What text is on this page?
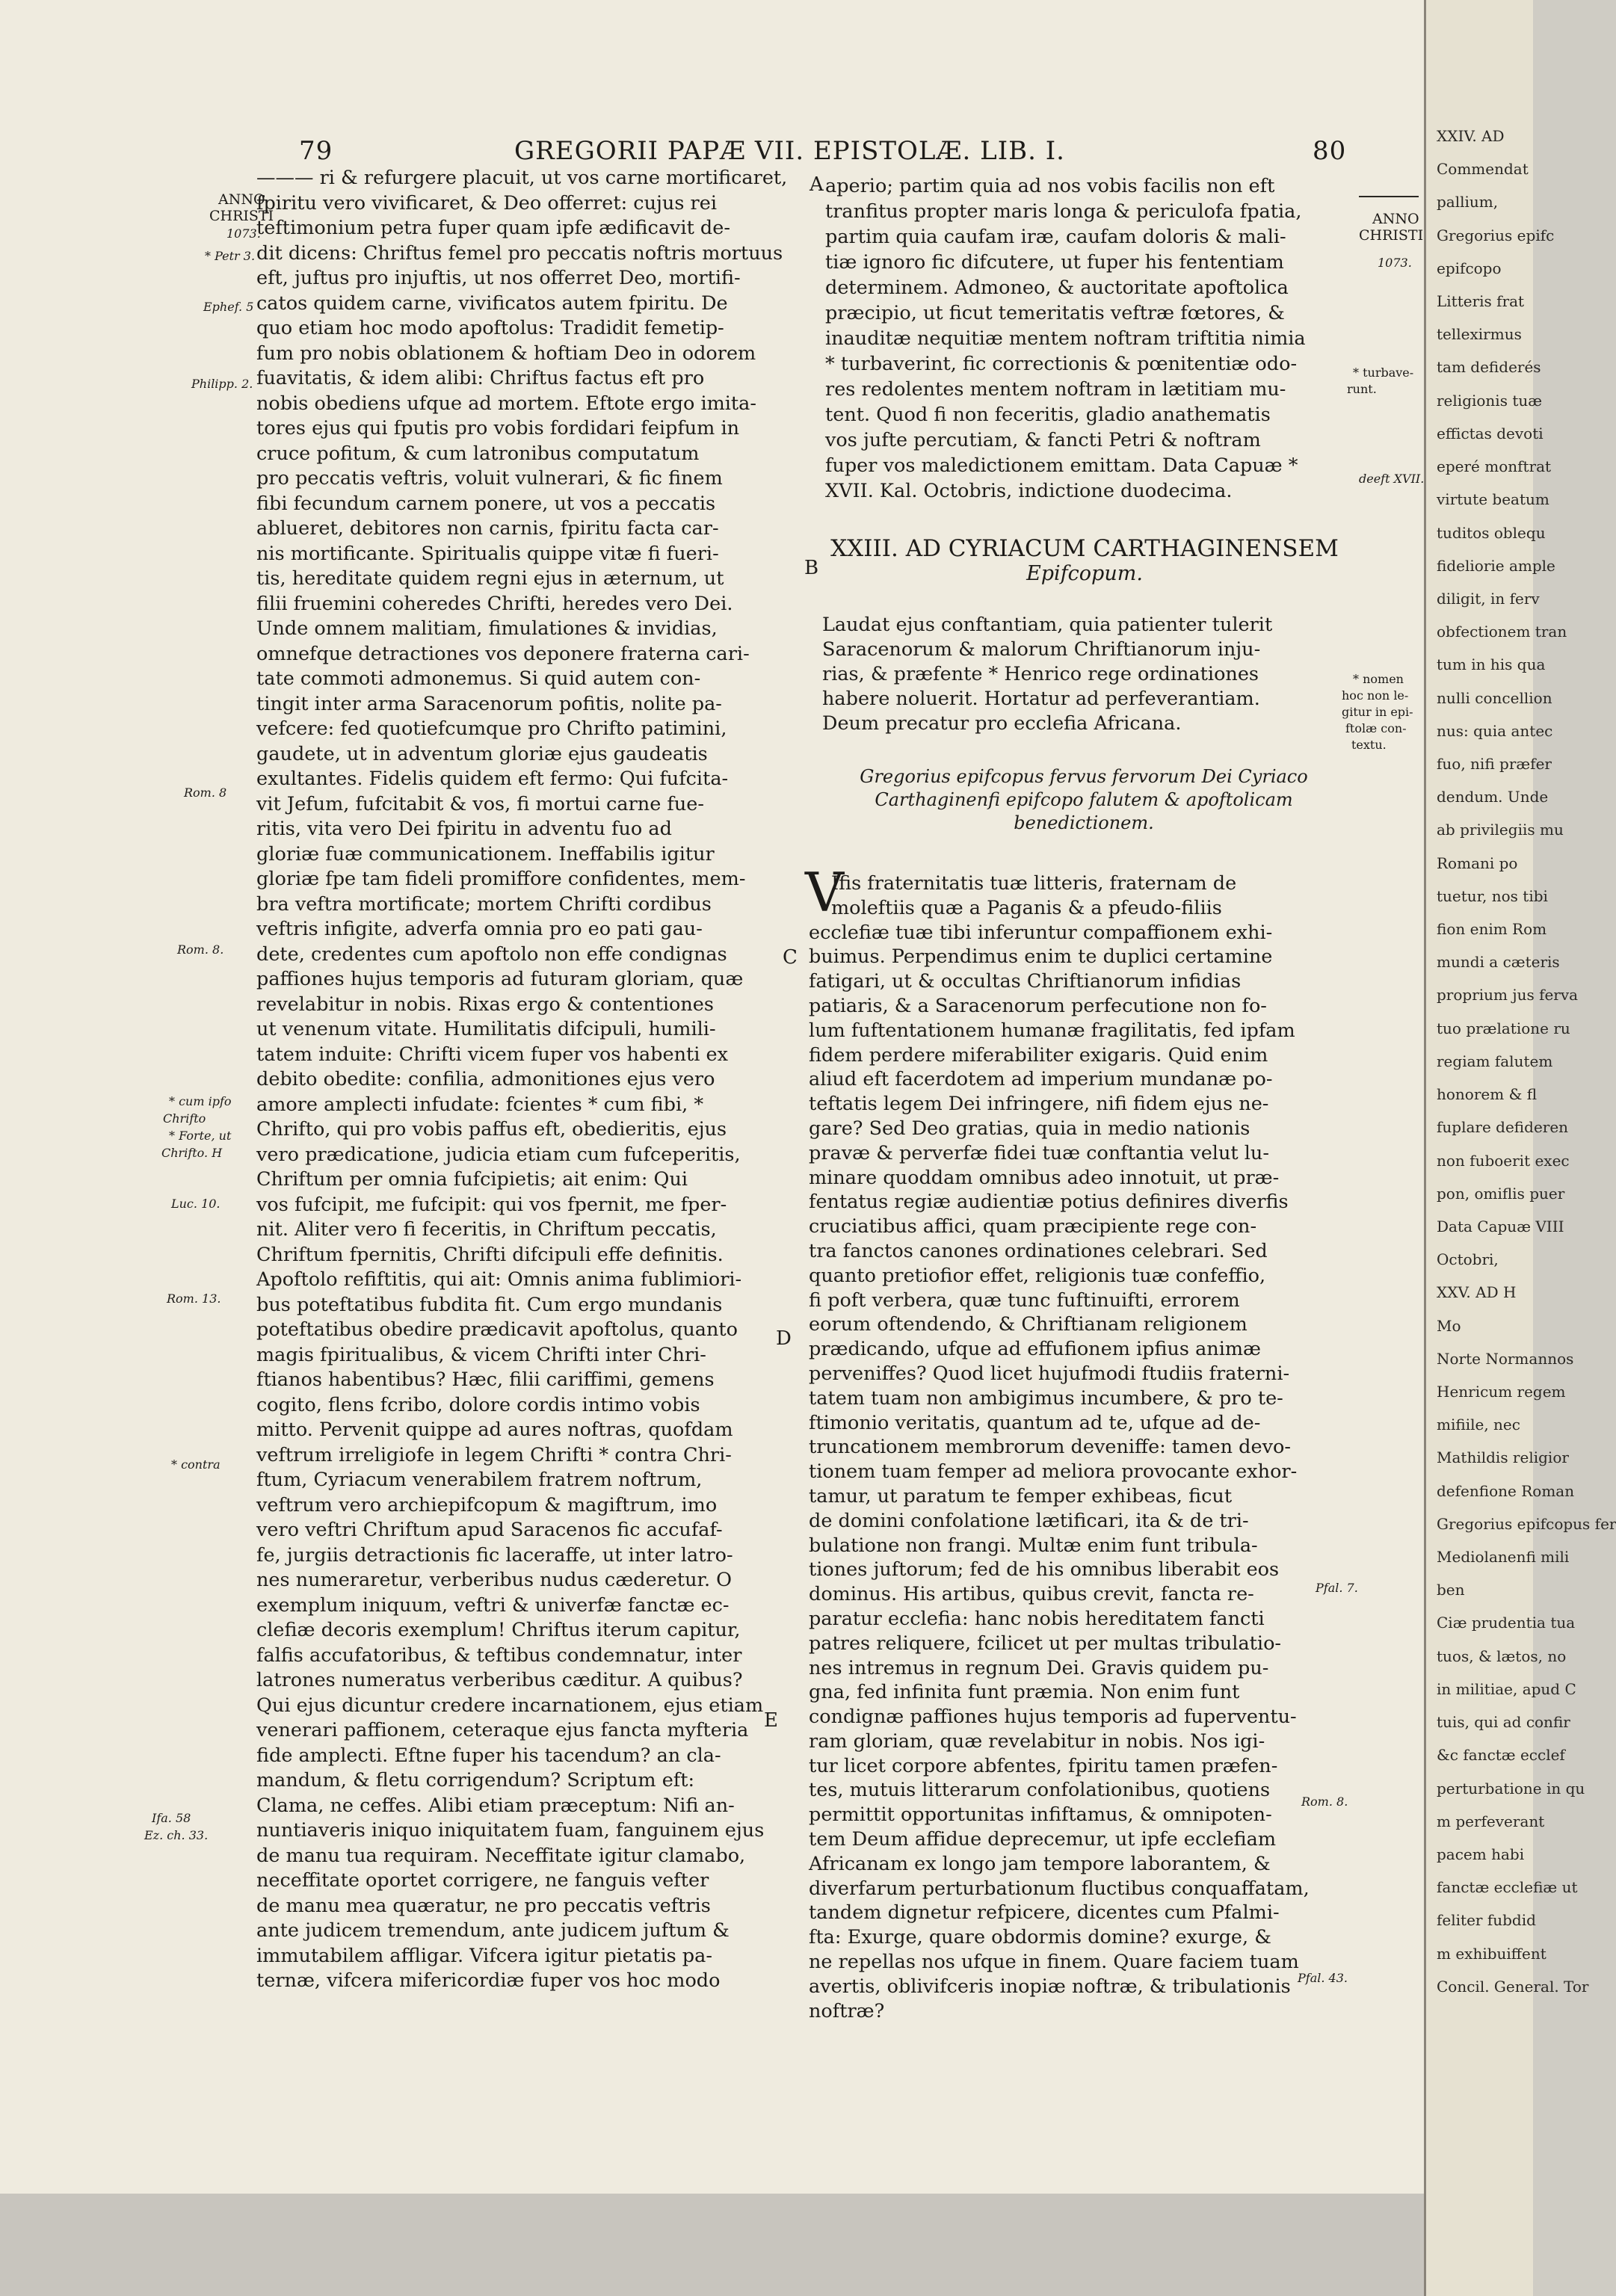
79	GREGORII PAPÆ VII. EPISTOLÆ. LIB. I.	80
——— ri & refurgere placuit, ut vos carne mortificaret,
fpiritu vero vivificaret, & Deo offerret: cujus rei
teftimonium petra fuper quam ipfe ædificavit de-
dit dicens: Chriftus femel pro peccatis noftris mortuus
eft, juftus pro injuftis, ut nos offerret Deo, mortifi-
catos quidem carne, vivificatos autem fpiritu. De
quo etiam hoc modo apoftolus: Tradidit femetip-
fum pro nobis oblationem & hoftiam Deo in odorem
fuavitatis, & idem alibi: Chriftus factus eft pro
nobis obediens ufque ad mortem. Eftote ergo imita-
tores ejus qui fputis pro vobis fordidari feipfum in
cruce pofitum, & cum latronibus computatum
pro peccatis veftris, voluit vulnerari, & fic finem
fibi fecundum carnem ponere, ut vos a peccatis
ablueret, debitores non carnis, fpiritu facta car-
nis mortificante. Spiritualis quippe vitæ fi fueri-
tis, hereditate quidem regni ejus in æternum, ut
filii fruemini coheredes Chrifti, heredes vero Dei.
Unde omnem malitiam, fimulationes & invidias,
omnefque detractiones vos deponere fraterna cari-
tate commoti admonemus. Si quid autem con-
tingit inter arma Saracenorum pofitis, nolite pa-
vefcere: fed quotiefcumque pro Chrifto patimini,
gaudete, ut in adventum gloriæ ejus gaudeatis
exultantes. Fidelis quidem eft fermo: Qui fufcita-
vit Jefum, fufcitabit & vos, fi mortui carne fue-
ritis, vita vero Dei fpiritu in adventu fuo ad
gloriæ fuæ communicationem. Ineffabilis igitur
gloriæ fpe tam fideli promiffore confidentes, mem-
bra veftra mortificate; mortem Chrifti cordibus
veftris infigite, adverfa omnia pro eo pati gau-
dete, credentes cum apoftolo non effe condignas
paffiones hujus temporis ad futuram gloriam, quæ
revelabitur in nobis. Rixas ergo & contentiones
ut venenum vitate. Humilitatis difcipuli, humili-
tatem induite: Chrifti vicem fuper vos habenti ex
debito obedite: confilia, admonitiones ejus vero
amore amplecti infudate: fcientes * cum fibi, *
Chrifto, qui pro vobis paffus eft, obedieritis, ejus
vero prædicatione, judicia etiam cum fufceperitis,
Chriftum per omnia fufcipietis; ait enim: Qui
vos fufcipit, me fufcipit: qui vos fpernit, me fper-
nit. Aliter vero fi feceritis, in Chriftum peccatis,
Chriftum fpernitis, Chrifti difcipuli effe definitis.
Apoftolo refiftitis, qui ait: Omnis anima fublimiori-
bus poteftatibus fubdita fit. Cum ergo mundanis
poteftatibus obedire prædicavit apoftolus, quanto
magis fpiritualibus, & vicem Chrifti inter Chri-
ftianos habentibus? Hæc, filii cariffimi, gemens
cogito, flens fcribo, dolore cordis intimo vobis
mitto. Pervenit quippe ad aures noftras, quofdam
veftrum irreligiofe in legem Chrifti * contra Chri-
ftum, Cyriacum venerabilem fratrem noftrum,
veftrum vero archiepifcopum & magiftrum, imo
vero veftri Chriftum apud Saracenos fic accufaf-
fe, jurgiis detractionis fic laceraffe, ut inter latro-
nes numeraretur, verberibus nudus cæderetur. O
exemplum iniquum, veftri & univerfæ fanctæ ec-
clefiæ decoris exemplum! Chriftus iterum capitur,
falfis accufatoribus, & teftibus condemnatur, inter
latrones numeratus verberibus cæditur. A quibus?
Qui ejus dicuntur credere incarnationem, ejus etiam
venerari paffionem, ceteraque ejus fancta myfteria
fide amplecti. Eftne fuper his tacendum? an cla-
mandum, & fletu corrigendum? Scriptum eft:
Clama, ne ceffes. Alibi etiam præceptum: Nifi an-
nuntiaveris iniquo iniquitatem fuam, fanguinem ejus
de manu tua requiram. Neceffitate igitur clamabo,
neceffitate oportet corrigere, ne fanguis vefter
de manu mea quæratur, ne pro peccatis veftris
ante judicem tremendum, ante judicem juftum &
immutabilem affligar. Vifcera igitur pietatis pa-
ternæ, vifcera mifericordiæ fuper vos hoc modo
ANNO
CHRISTI
1073.
* Petr 3.
Ephef. 5
Philipp. 2.
Rom. 8
Rom. 8.
* cum ipfo
Chrifto
* Forte, ut
Chrifto. H
Luc. 10.
Rom. 13.
* contra
Ifa. 58
Ez. ch. 33.
A
B
C
D
E
aperio; partim quia ad nos vobis facilis non eft
tranfitus propter maris longa & periculofa fpatia,
partim quia caufam iræ, caufam doloris & mali-
tiæ ignoro fic difcutere, ut fuper his fententiam
determinem. Admoneo, & auctoritate apoftolica
præcipio, ut ficut temeritatis veftræ fœtores, &
inauditæ nequitiæ mentem noftram triftitia nimia
* turbaverint, fic correctionis & pœnitentiæ odo-
res redolentes mentem noftram in lætitiam mu-
tent. Quod fi non feceritis, gladio anathematis
vos jufte percutiam, & fancti Petri & noftram
fuper vos maledictionem emittam. Data Capuæ *
XVII. Kal. Octobris, indictione duodecima.
XXIII. AD CYRIACUM CARTHAGINENSEM
Epifcopum.
Laudat ejus conftantiam, quia patienter tulerit
Saracenorum & malorum Chriftianorum inju-
rias, & præfente * Henrico rege ordinationes
habere noluerit. Hortatur ad perfeverantiam.
Deum precatur pro ecclefia Africana.
Gregorius epifcopus fervus fervorum Dei Cyriaco
Carthaginenfi epifcopo falutem & apoftolicam
benedictionem.
V
Ifis fraternitatis tuæ litteris, fraternam de
moleftiis quæ a Paganis & a pfeudo-filiis
ecclefiæ tuæ tibi inferuntur compaffionem exhi-
buimus. Perpendimus enim te duplici certamine
fatigari, ut & occultas Chriftianorum infidias
patiaris, & a Saracenorum perfecutione non fo-
lum fuftentationem humanæ fragilitatis, fed ipfam
fidem perdere miferabiliter exigaris. Quid enim
aliud eft facerdotem ad imperium mundanæ po-
teftatis legem Dei infringere, nifi fidem ejus ne-
gare? Sed Deo gratias, quia in medio nationis
pravæ & perverfæ fidei tuæ conftantia velut lu-
minare quoddam omnibus adeo innotuit, ut præ-
fentatus regiæ audientiæ potius definires diverfis
cruciatibus affici, quam præcipiente rege con-
tra fanctos canones ordinationes celebrari. Sed
quanto pretiofior effet, religionis tuæ confeffio,
fi poft verbera, quæ tunc fuftinuifti, errorem
eorum oftendendo, & Chriftianam religionem
prædicando, ufque ad effufionem ipfius animæ
perveniffes? Quod licet hujufmodi ftudiis fraterni-
tatem tuam non ambigimus incumbere, & pro te-
ftimonio veritatis, quantum ad te, ufque ad de-
truncationem membrorum deveniffe: tamen devo-
tionem tuam femper ad meliora provocante exhor-
tamur, ut paratum te femper exhibeas, ficut
de domini confolatione lætificari, ita & de tri-
bulatione non frangi. Multæ enim funt tribula-
tiones juftorum; fed de his omnibus liberabit eos
dominus. His artibus, quibus crevit, fancta re-
paratur ecclefia: hanc nobis hereditatem fancti
patres reliquere, fcilicet ut per multas tribulatio-
nes intremus in regnum Dei. Gravis quidem pu-
gna, fed infinita funt præmia. Non enim funt
condignæ paffiones hujus temporis ad fuperventu-
ram gloriam, quæ revelabitur in nobis. Nos igi-
tur licet corpore abfentes, fpiritu tamen præfen-
tes, mutuis litterarum confolationibus, quotiens
permittit opportunitas infiftamus, & omnipoten-
tem Deum affidue deprecemur, ut ipfe ecclefiam
Africanam ex longo jam tempore laborantem, &
diverfarum perturbationum fluctibus conquaffatam,
tandem dignetur refpicere, dicentes cum Pfalmi-
fta: Exurge, quare obdormis domine? exurge, &
ne repellas nos ufque in finem. Quare faciem tuam
avertis, oblivifceris inopiæ noftræ, & tribulationis
noftræ?
ANNO
CHRISTI
1073.
* turbave-
runt.
deeft XVII.
* nomen
hoc non le-
gitur in epi-
ftolæ con-
textu.
Pfal. 7.
Rom. 8.
Pfal. 43.
ΧΧΙV. AD
Commendat
pallium,
Gregorius epifc
epifcopo
Litteris frat
tellexirmus
tam defiderés
religionis tuæ
effictas devoti
eperé monftrat
virtute beatum
tuditos oblequ
fideliorie ample
diligit, in ferv
obfectionem tran
tum in his qua
nulli concellion
nus: quia antec
fuo, nifi præfer
dendum. Unde
ab privilegiis mu
Romani po
tuetur, nos tibi
fion enim Rom
mundi a cæteris
proprium jus ferva
tuo prælatione ru
regiam falutem
honorem & fl
fuplare defideren
non fuboerit exec
pon, omiflis puer
Data Capuæ VIII
Octobri,
XXV. AD H
Mo
Norte Normannos
Henricum regem
mifiile, nec
Mathildis religior
defenfione Roman
Gregorius epifcopus fer
Mediolanenfi mili
ben
Ciæ prudentia tua
tuos, & lætos, no
in militiae, apud C
tuis, qui ad confir
&c fanctæ ecclef
perturbatione in qu
m perfeverant
pacem habi
fanctæ ecclefiæ ut
feliter fubdid
m exhibuiffent
Concil. General. Tor
